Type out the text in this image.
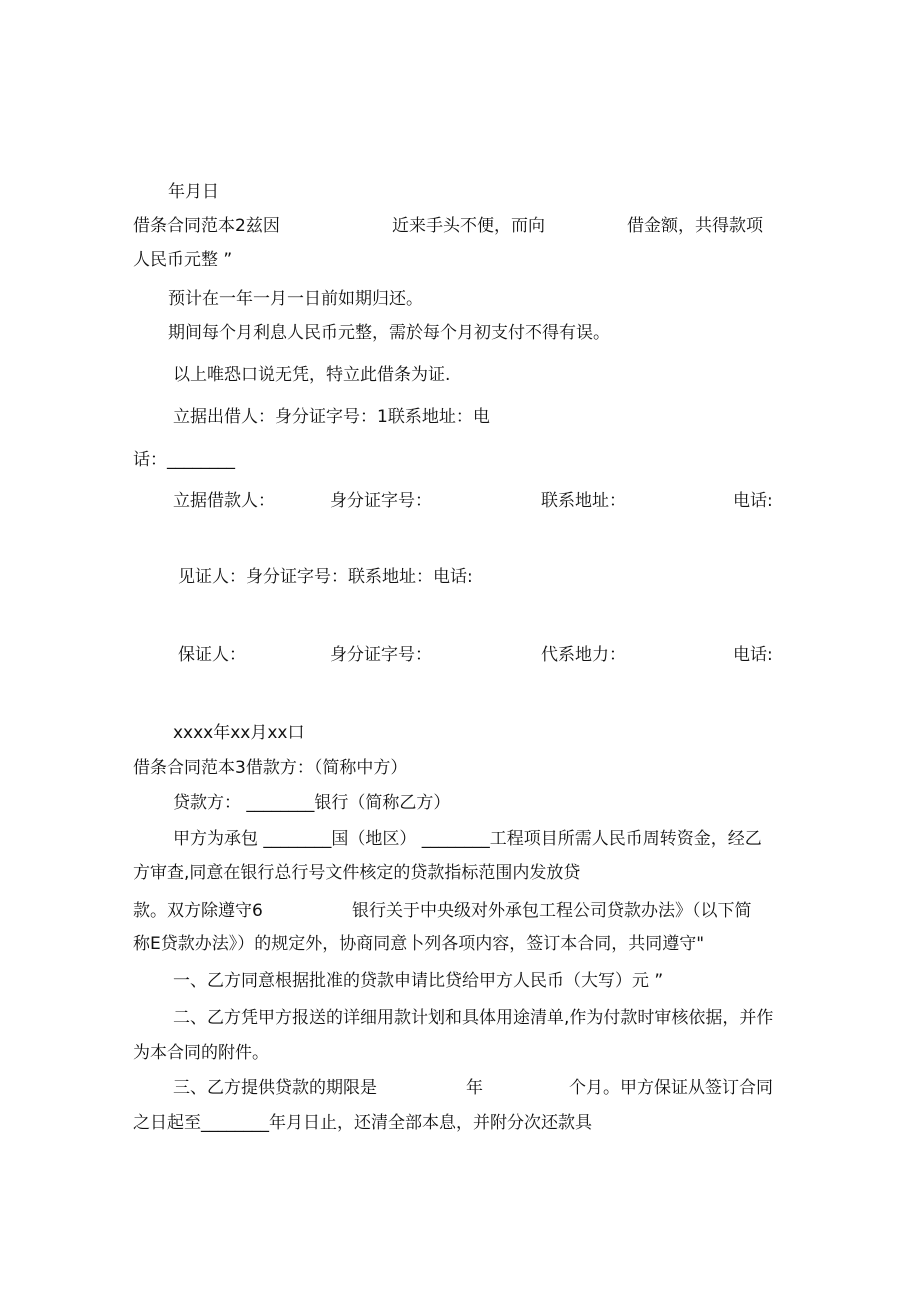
年月日
借条合同范本2兹因	近来手头不便，而向	借金额，共得款项
人民币元整 ”
预计在一年一月一日前如期归还。
期间每个月利息人民币元整，需於每个月初支付不得有误。
以上唯恐口说无凭，特立此借条为证.
立据出借人：身分证字号：1联系地址：电
话：________
立据借款人：	身分证字号：	联系地址：	电话:
见证人：身分证字号：联系地址：电话:
保证人：	身分证字号：	代系地力：	电话:
xxxx年xx月xx口
借条合同范本3借款方：（简称中方）
贷款方： ________银行（简称乙方）
甲方为承包 ________国（地区） ________工程项目所需人民币周转资金，经乙
方审查,同意在银行总行号文件核定的贷款指标范围内发放贷
款。双方除遵守6	银行关于中央级对外承包工程公司贷款办法》（以下简
称E贷款办法》）的规定外，协商同意卜列各项内容，签订本合同，共同遵守"
一、乙方同意根据批准的贷款申请比贷给甲方人民币（大写）元 ”
二、乙方凭甲方报送的详细用款计划和具体用途清单,作为付款时审核依据，并作
为本合同的附件。
三、乙方提供贷款的期限是	年	个月。甲方保证从签订合同
之日起至________年月日止，还清全部本息，并附分次还款具
